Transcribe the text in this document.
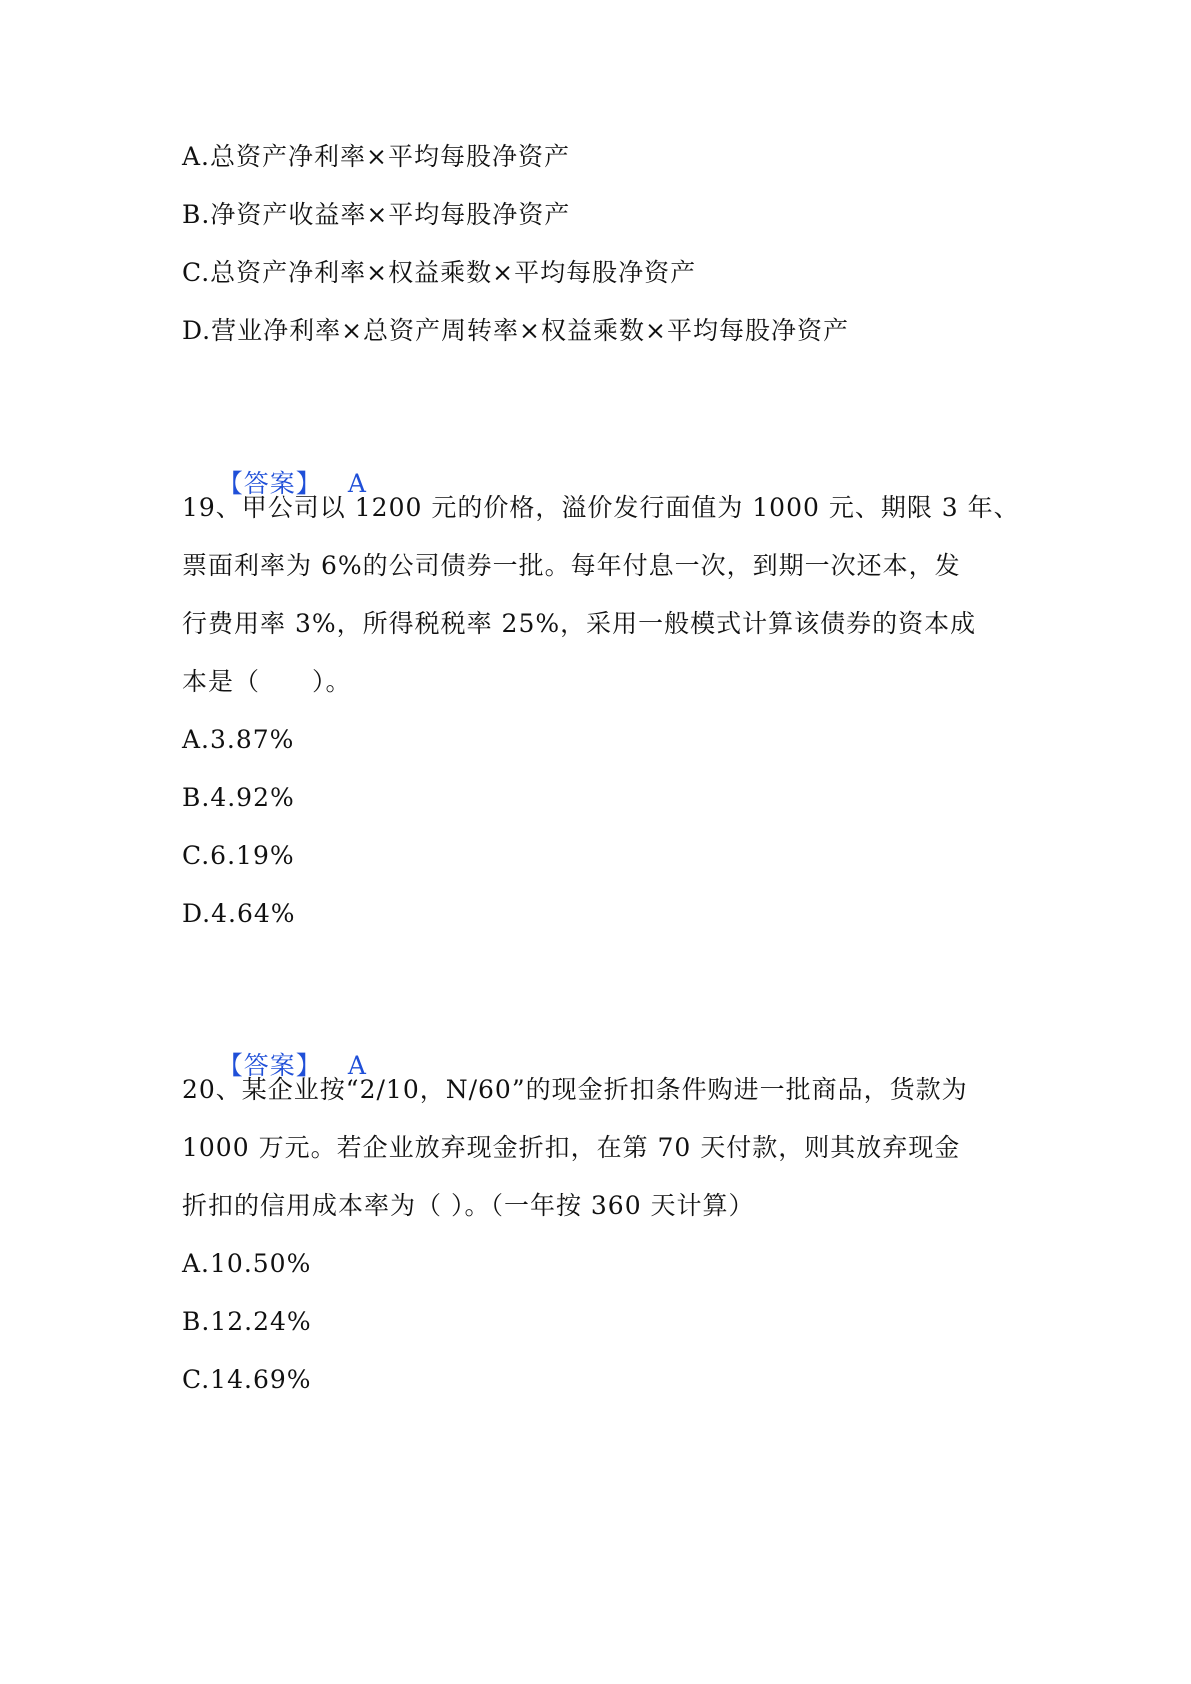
A.总资产净利率×平均每股净资产
B.净资产收益率×平均每股净资产
C.总资产净利率×权益乘数×平均每股净资产
D.营业净利率×总资产周转率×权益乘数×平均每股净资产

【答案】 A

19、甲公司以 1200 元的价格，溢价发行面值为 1000 元、期限 3 年、
票面利率为 6%的公司债券一批。每年付息一次，到期一次还本，发
行费用率 3%，所得税税率 25%，采用一般模式计算该债券的资本成
本是（　　）。
A.3.87%
B.4.92%
C.6.19%
D.4.64%

【答案】 A

20、某企业按“2/10，N/60”的现金折扣条件购进一批商品，货款为
1000 万元。若企业放弃现金折扣，在第 70 天付款，则其放弃现金
折扣的信用成本率为（ ）。（一年按 360 天计算）
A.10.50%
B.12.24%
C.14.69%
